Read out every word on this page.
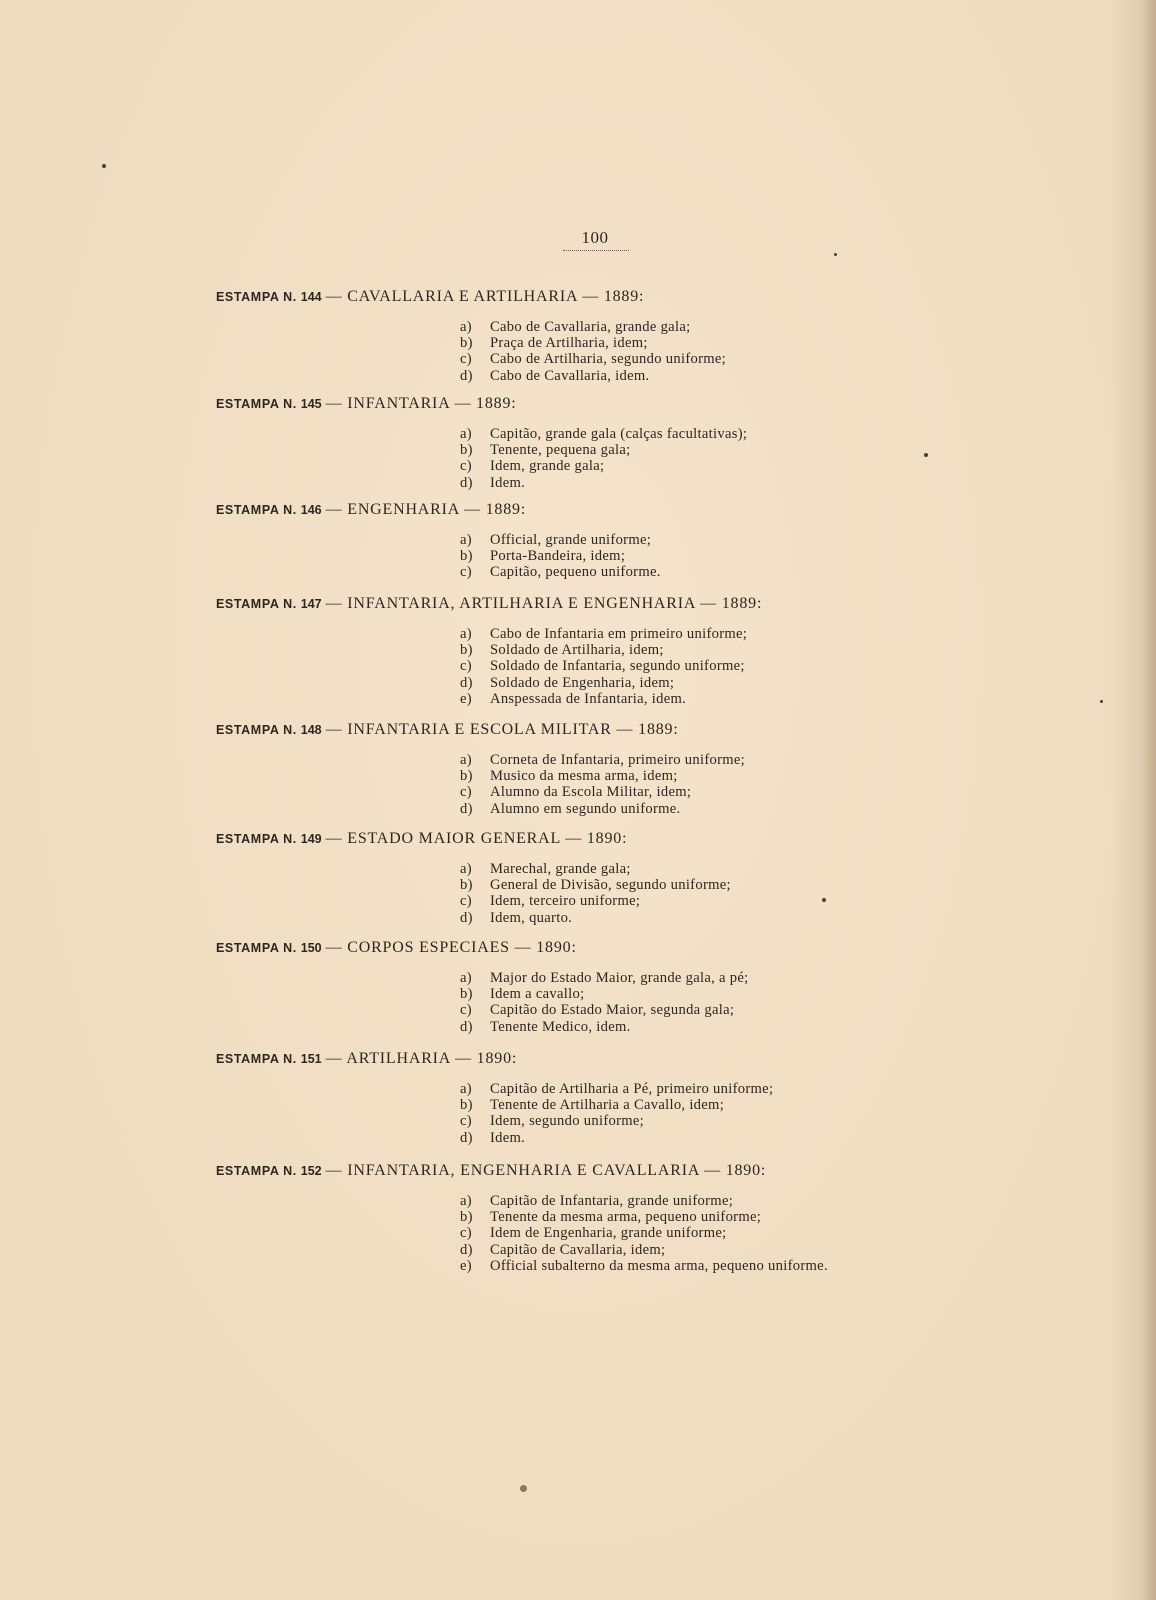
100
ESTAMPA N. 144 — CAVALLARIA E ARTILHARIA — 1889:
a)	Cabo de Cavallaria, grande gala;
b)	Praça de Artilharia, idem;
c)	Cabo de Artilharia, segundo uniforme;
d)	Cabo de Cavallaria, idem.
ESTAMPA N. 145 — INFANTARIA — 1889:
a)	Capitão, grande gala (calças facultativas);
b)	Tenente, pequena gala;
c)	Idem, grande gala;
d)	Idem.
ESTAMPA N. 146 — ENGENHARIA — 1889:
a)	Official, grande uniforme;
b)	Porta-Bandeira, idem;
c)	Capitão, pequeno uniforme.
ESTAMPA N. 147 — INFANTARIA, ARTILHARIA E ENGENHARIA — 1889:
a)	Cabo de Infantaria em primeiro uniforme;
b)	Soldado de Artilharia, idem;
c)	Soldado de Infantaria, segundo uniforme;
d)	Soldado de Engenharia, idem;
e)	Anspessada de Infantaria, idem.
ESTAMPA N. 148 — INFANTARIA E ESCOLA MILITAR — 1889:
a)	Corneta de Infantaria, primeiro uniforme;
b)	Musico da mesma arma, idem;
c)	Alumno da Escola Militar, idem;
d)	Alumno em segundo uniforme.
ESTAMPA N. 149 — ESTADO MAIOR GENERAL — 1890:
a)	Marechal, grande gala;
b)	General de Divisão, segundo uniforme;
c)	Idem, terceiro uniforme;
d)	Idem, quarto.
ESTAMPA N. 150 — CORPOS ESPECIAES — 1890:
a)	Major do Estado Maior, grande gala, a pé;
b)	Idem a cavallo;
c)	Capitão do Estado Maior, segunda gala;
d)	Tenente Medico, idem.
ESTAMPA N. 151 — ARTILHARIA — 1890:
a)	Capitão de Artilharia a Pé, primeiro uniforme;
b)	Tenente de Artilharia a Cavallo, idem;
c)	Idem, segundo uniforme;
d)	Idem.
ESTAMPA N. 152 — INFANTARIA, ENGENHARIA E CAVALLARIA — 1890:
a)	Capitão de Infantaria, grande uniforme;
b)	Tenente da mesma arma, pequeno uniforme;
c)	Idem de Engenharia, grande uniforme;
d)	Capitão de Cavallaria, idem;
e)	Official subalterno da mesma arma, pequeno uniforme.
